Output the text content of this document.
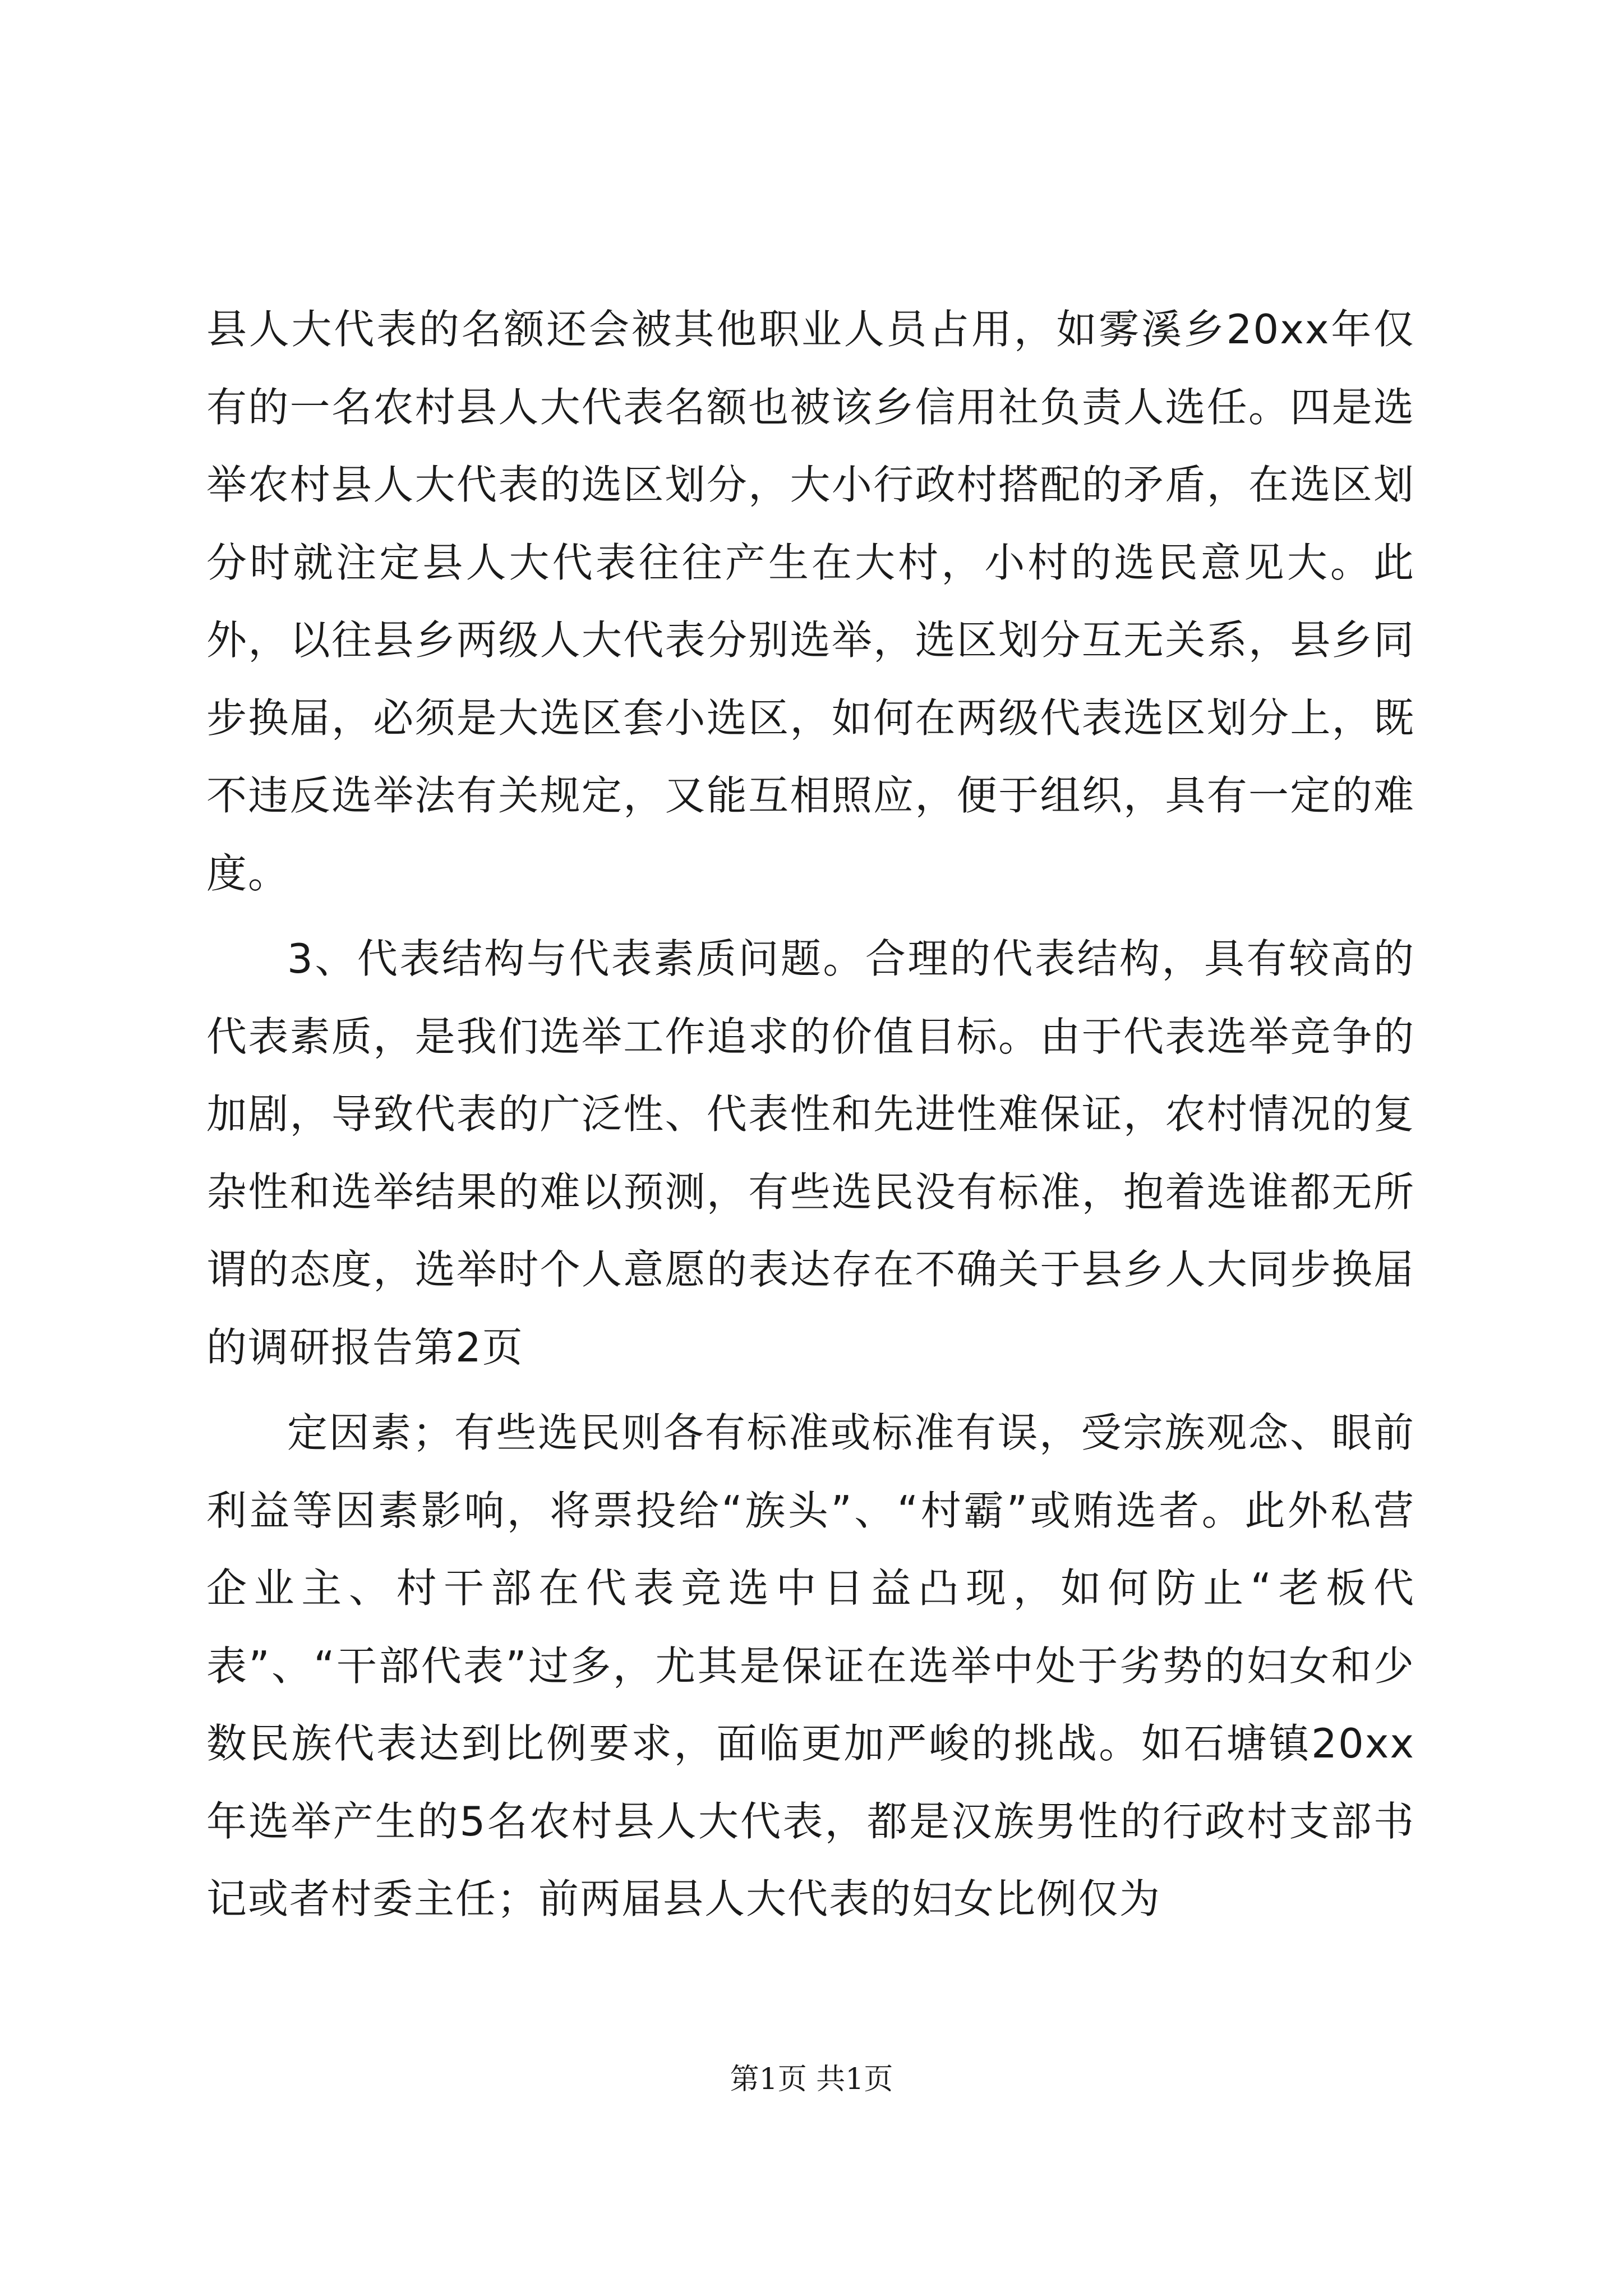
县人大代表的名额还会被其他职业人员占用，如雾溪乡20xx年仅有的一名农村县人大代表名额也被该乡信用社负责人选任。四是选举农村县人大代表的选区划分，大小行政村搭配的矛盾，在选区划分时就注定县人大代表往往产生在大村，小村的选民意见大。此外，以往县乡两级人大代表分别选举，选区划分互无关系，县乡同步换届，必须是大选区套小选区，如何在两级代表选区划分上，既不违反选举法有关规定，又能互相照应，便于组织，具有一定的难度。

3、代表结构与代表素质问题。合理的代表结构，具有较高的代表素质，是我们选举工作追求的价值目标。由于代表选举竞争的加剧，导致代表的广泛性、代表性和先进性难保证，农村情况的复杂性和选举结果的难以预测，有些选民没有标准，抱着选谁都无所谓的态度，选举时个人意愿的表达存在不确关于县乡人大同步换届的调研报告第2页

定因素；有些选民则各有标准或标准有误，受宗族观念、眼前利益等因素影响，将票投给“族头”、“村霸”或贿选者。此外私营企业主、村干部在代表竞选中日益凸现，如何防止“老板代表”、“干部代表”过多，尤其是保证在选举中处于劣势的妇女和少数民族代表达到比例要求，面临更加严峻的挑战。如石塘镇20xx年选举产生的5名农村县人大代表，都是汉族男性的行政村支部书记或者村委主任；前两届县人大代表的妇女比例仅为

第1页 共1页
